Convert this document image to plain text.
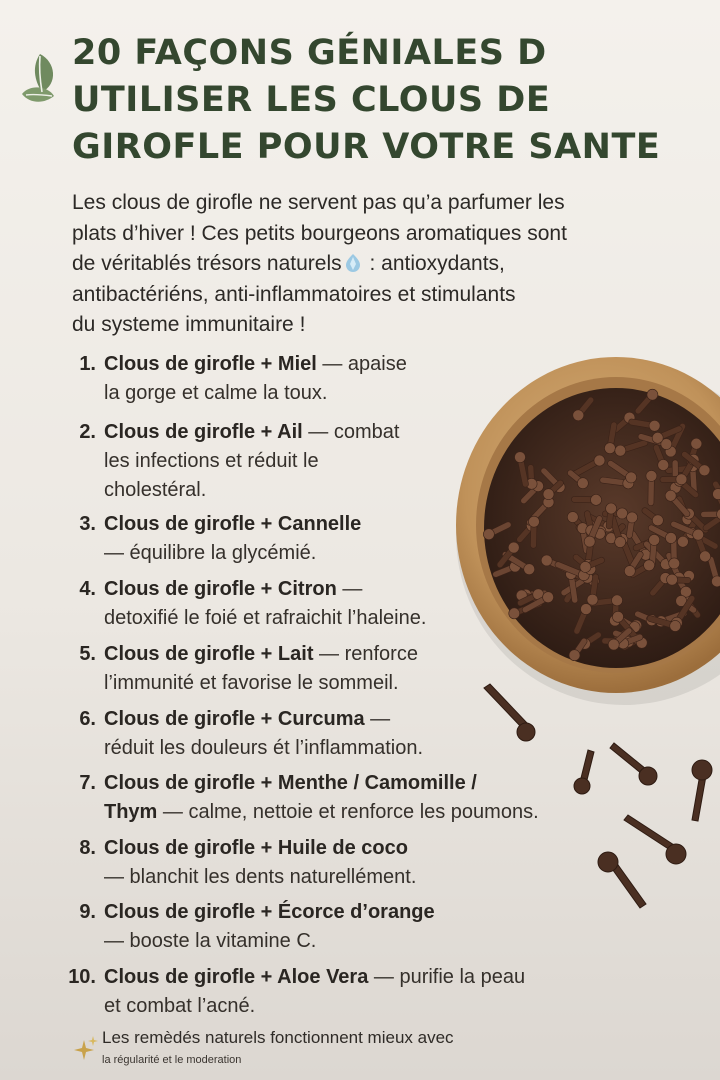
20 FAÇONS GÉNIALES D
UTILISER LES CLOUS DE
GIROFLE POUR VOTRE SANTE
Les clous de girofle ne servent pas qu’a parfumer les
plats d’hiver ! Ces petits bourgeons aromatiques sont
de véritablés trésors naturels : antioxydants,
antibactériéns, anti-inflammatoires et stimulants
du systeme immunitaire !
1. Clous de girofle + Miel — apaise
la gorge et calme la toux.
2. Clous de girofle + Ail — combat
les infections et réduit le
cholestéral.
3. Clous de girofle + Cannelle
— équilibre la glycémié.
4. Clous de girofle + Citron —
detoxifié le foié et rafraichit l’haleine.
5. Clous de girofle + Lait — renforce
l’immunité et favorise le sommeil.
6. Clous de girofle + Curcuma —
réduit les douleurs ét l’inflammation.
7. Clous de girofle + Menthe / Camomille /
Thym — calme, nettoie et renforce les poumons.
8. Clous de girofle + Huile de coco
— blanchit les dents naturellément.
9. Clous de girofle + Écorce d’orange
— booste la vitamine C.
10. Clous de girofle + Aloe Vera — purifie la peau
et combat l’acné.
Les remèdés naturels fonctionnent mieux avec
la régularité et le moderation
